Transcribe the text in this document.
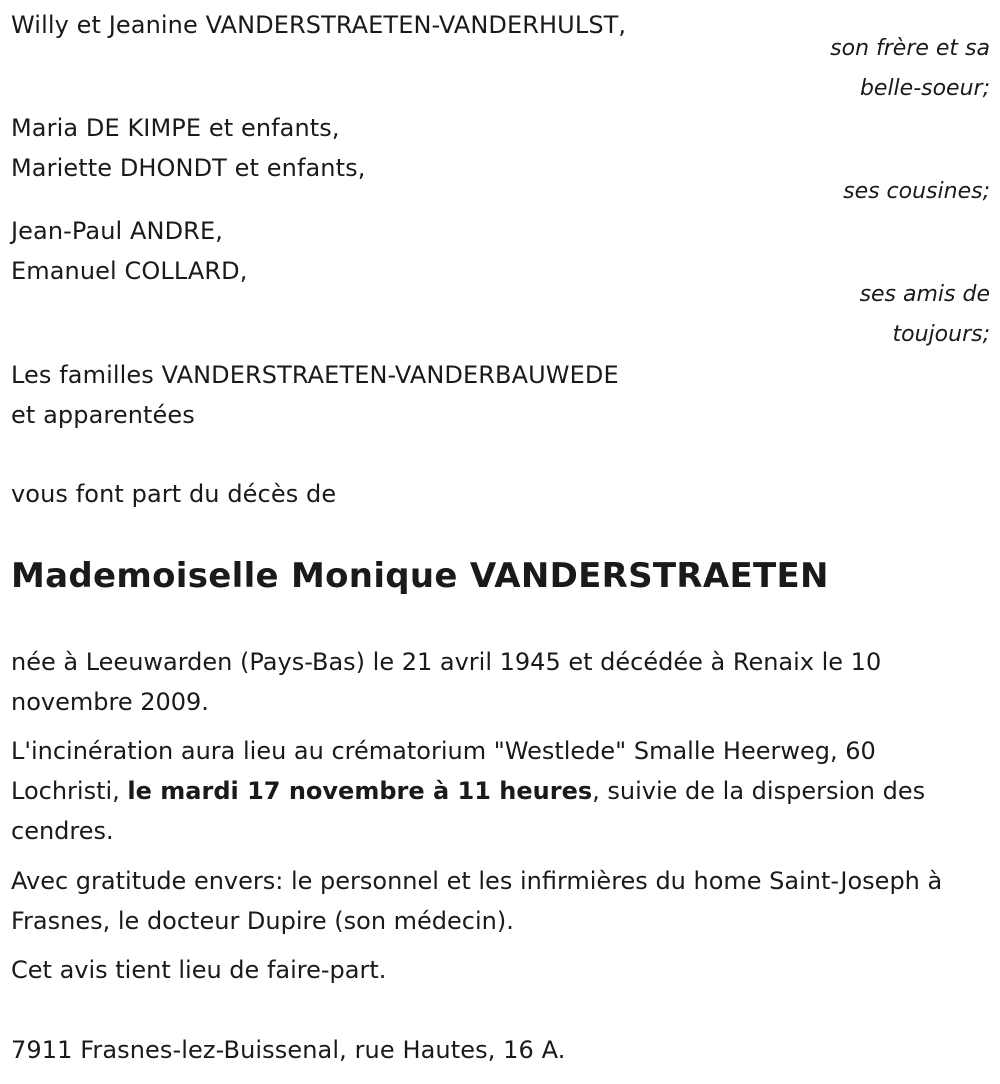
Willy et Jeanine VANDERSTRAETEN-VANDERHULST,
son frère et sa
belle-soeur;
Maria DE KIMPE et enfants,
Mariette DHONDT et enfants,
ses cousines;
Jean-Paul ANDRE,
Emanuel COLLARD,
ses amis de
toujours;
Les familles VANDERSTRAETEN-VANDERBAUWEDE
et apparentées
vous font part du décès de
Mademoiselle Monique VANDERSTRAETEN
née à Leeuwarden (Pays-Bas) le 21 avril 1945 et décédée à Renaix le 10 novembre 2009.
L'incinération aura lieu au crématorium "Westlede" Smalle Heerweg, 60 Lochristi, le mardi 17 novembre à 11 heures, suivie de la dispersion des cendres.
Avec gratitude envers: le personnel et les infirmières du home Saint-Joseph à Frasnes, le docteur Dupire (son médecin).
Cet avis tient lieu de faire-part.
7911 Frasnes-lez-Buissenal, rue Hautes, 16 A.
